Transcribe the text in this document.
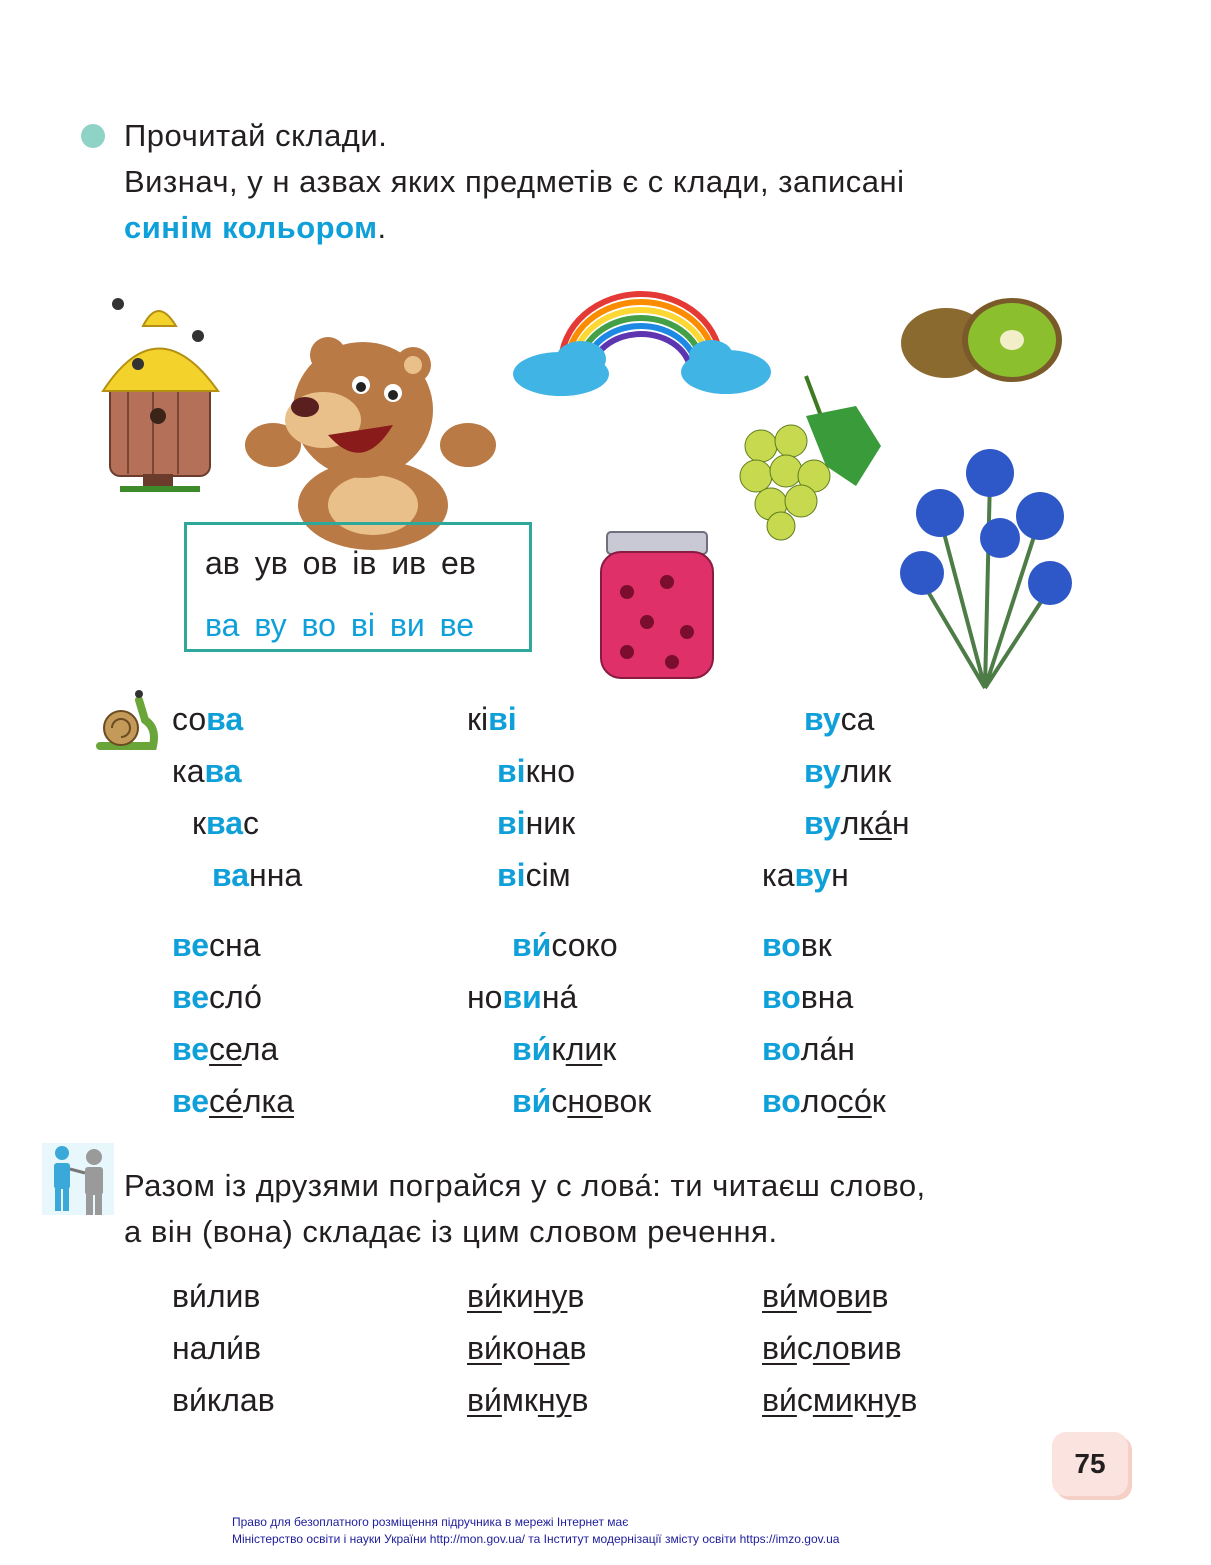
Прочитай склади.
Визнач, у н азвах яких предметів є с клади, записані
синім кольором.
ав ув ов ів ив ев
ва ву во ві ви ве
сова
кава
квас
ванна
ківі
вікно
віник
вісім
вуса
вулик
вулка́н
кавун
весна
весло́
весела
весе́лка
ви́соко
новина́
ви́клик
ви́сновок
вовк
вовна
вола́н
волосо́к
Разом із друзями пограйся у с лова́: ти читаєш слово,
а він (вона) складає із цим словом речення.
ви́лив
нали́в
ви́клав
ви́кинув
ви́конав
ви́мкнув
ви́мовив
ви́словив
ви́смикнув
75
Право для безоплатного розміщення підручника в мережі Інтернет має
Міністерство освіти і науки України http://mon.gov.ua/ та Інститут модернізації змісту освіти https://imzo.gov.ua
